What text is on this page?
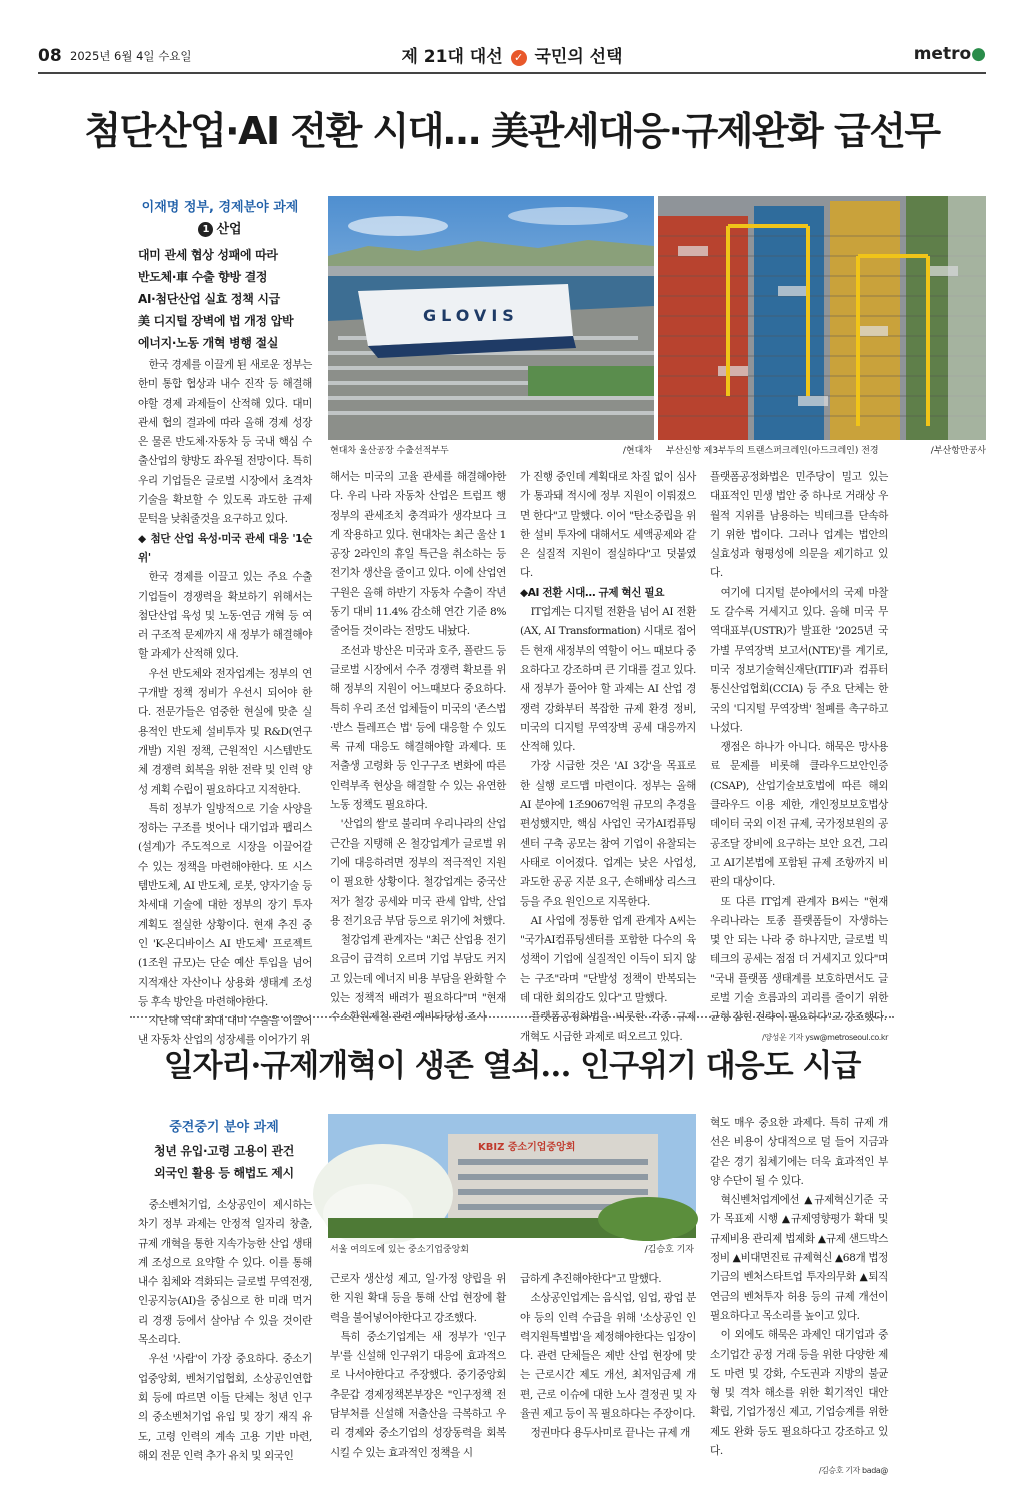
08 2025년 6월 4일 수요일	제 21대 대선 ✓ 국민의 선택	metro●
첨단산업·AI 전환 시대… 美관세대응·규제완화 급선무
이재명 정부, 경제분야 과제
1 산업
대미 관세 협상 성패에 따라
반도체·車 수출 향방 결정
AI·첨단산업 실효 정책 시급
美 디지털 장벽에 법 개정 압박
에너지·노동 개혁 병행 절실
GLOVIS
현대차 울산공장 수출선적부두	/현대차 부산신항 제3부두의 트랜스퍼크레인(아드크레인) 전경	/부산항만공사

한국 경제를 이끌게 된 새로운 정부는 한미 통합 협상과 내수 진작 등 해결해야할 경제 과제들이 산적해 있다. 대미 관세 협의 결과에 따라 올해 경제 성장은 물론 반도체·자동차 등 국내 핵심 수출산업의 향방도 좌우될 전망이다. 특히 우리 기업들은 글로벌 시장에서 초격차 기술을 확보할 수 있도록 과도한 규제 문턱을 낮춰줄것을 요구하고 있다.

◆ 첨단 산업 육성·미국 관세 대응 '1순위'

한국 경제를 이끌고 있는 주요 수출 기업들이 경쟁력을 확보하기 위해서는 첨단산업 육성 및 노동·연금 개혁 등 여러 구조적 문제까지 새 정부가 해결해야할 과제가 산적해 있다.

우선 반도체와 전자업계는 정부의 연구개발 정책 정비가 우선시 되어야 한다. 전문가들은 엄중한 현실에 맞춘 실용적인 반도체 설비투자 및 R&D(연구개발) 지원 정책, 근원적인 시스템반도체 경쟁력 회복을 위한 전략 및 인력 양성 계획 수립이 필요하다고 지적한다.

특히 정부가 일방적으로 기술 사양을 정하는 구조를 벗어나 대기업과 팹리스(설계)가 주도적으로 시장을 이끌어갈 수 있는 정책을 마련해야한다. 또 시스템반도체, AI 반도체, 로봇, 양자기술 등 차세대 기술에 대한 정부의 장기 투자 계획도 절실한 상황이다. 현재 추진 중인 'K-온디바이스 AI 반도체' 프로젝트(1조원 규모)는 단순 예산 투입을 넘어 지적재산 자산이나 상용화 생태계 조성 등 후속 방안을 마련해야한다.

지난해 역대 최대 대미 수출을 이끌어낸 자동차 산업의 성장세를 이어가기 위

해서는 미국의 고율 관세를 해결해야한다. 우리 나라 자동차 산업은 트럼프 행정부의 관세조치 충격파가 생각보다 크게 작용하고 있다. 현대차는 최근 울산 1공장 2라인의 휴일 특근을 취소하는 등 전기차 생산을 줄이고 있다. 이에 산업연구원은 올해 하반기 자동차 수출이 작년 동기 대비 11.4% 감소해 연간 기준 8% 줄어들 것이라는 전망도 내놨다.

조선과 방산은 미국과 호주, 폴란드 등 글로벌 시장에서 수주 경쟁력 확보를 위해 정부의 지원이 어느때보다 중요하다. 특히 우리 조선 업체들이 미국의 '존스법·반스 틀레프슨 법' 등에 대응할 수 있도록 규제 대응도 해결해야할 과제다. 또 저출생 고령화 등 인구구조 변화에 따른 인력부족 현상을 해결할 수 있는 유연한 노동 정책도 필요하다.

'산업의 쌀'로 불리며 우리나라의 산업 근간을 지탱해 온 철강업계가 글로벌 위기에 대응하려면 정부의 적극적인 지원이 필요한 상황이다. 철강업계는 중국산 저가 철강 공세와 미국 관세 압박, 산업용 전기요금 부담 등으로 위기에 처했다.

철강업계 관계자는 "최근 산업용 전기요금이 급격히 오르며 기업 부담도 커지고 있는데 에너지 비용 부담을 완화할 수 있는 정책적 배려가 필요하다"며 "현재 수소환원제철 관련 예비타당성 조사

가 진행 중인데 계획대로 차질 없이 심사가 통과돼 적시에 정부 지원이 이뤄졌으면 한다"고 말했다. 이어 "탄소중립을 위한 설비 투자에 대해서도 세액공제와 같은 실질적 지원이 절실하다"고 덧붙였다.

◆AI 전환 시대… 규제 혁신 필요

IT업계는 디지털 전환을 넘어 AI 전환(AX, AI Transformation) 시대로 접어든 현재 새정부의 역할이 어느 때보다 중요하다고 강조하며 큰 기대를 걸고 있다. 새 정부가 풀어야 할 과제는 AI 산업 경쟁력 강화부터 복잡한 규제 환경 정비, 미국의 디지털 무역장벽 공세 대응까지 산적해 있다.

가장 시급한 것은 'AI 3강'을 목표로 한 실행 로드맵 마련이다. 정부는 올해 AI 분야에 1조9067억원 규모의 추경을 편성했지만, 핵심 사업인 국가AI컴퓨팅센터 구축 공모는 참여 기업이 유찰되는 사태로 이어졌다. 업계는 낮은 사업성, 과도한 공공 지분 요구, 손해배상 리스크 등을 주요 원인으로 지목한다.

AI 사업에 정통한 업계 관계자 A씨는 "국가AI컴퓨팅센터를 포함한 다수의 육성책이 기업에 실질적인 이득이 되지 않는 구조"라며 "단발성 정책이 반복되는 데 대한 회의감도 있다"고 말했다.

플랫폼공정화법을 비롯한 각종 규제 개혁도 시급한 과제로 떠오르고 있다.

플랫폼공정화법은 민주당이 밀고 있는 대표적인 민생 법안 중 하나로 거래상 우월적 지위를 남용하는 빅테크를 단속하기 위한 법이다. 그러나 업계는 법안의 실효성과 형평성에 의문을 제기하고 있다.

여기에 디지털 분야에서의 국제 마찰도 갈수록 거세지고 있다. 올해 미국 무역대표부(USTR)가 발표한 '2025년 국가별 무역장벽 보고서(NTE)'를 계기로, 미국 정보기술혁신재단(ITIF)과 컴퓨터통신산업협회(CCIA) 등 주요 단체는 한국의 '디지털 무역장벽' 철폐를 촉구하고 나섰다.

쟁점은 하나가 아니다. 해묵은 망사용료 문제를 비롯해 클라우드보안인증(CSAP), 산업기술보호법에 따른 해외 클라우드 이용 제한, 개인정보보호법상 데이터 국외 이전 규제, 국가정보원의 공공조달 장비에 요구하는 보안 요건, 그리고 AI기본법에 포함된 규제 조항까지 비판의 대상이다.

또 다른 IT업계 관계자 B씨는 "현재 우리나라는 토종 플랫폼들이 자생하는 몇 안 되는 나라 중 하나지만, 글로벌 빅테크의 공세는 점점 더 거세지고 있다"며 "국내 플랫폼 생태계를 보호하면서도 글로벌 기술 흐름과의 괴리를 줄이기 위한 균형 잡힌 전략이 필요하다"고 강조했다.

/양성운 기자 ysw@metroseoul.co.kr

일자리·규제개혁이 생존 열쇠… 인구위기 대응도 시급
중견중기 분야 과제
청년 유입·고령 고용이 관건
외국인 활용 등 해법도 제시
KBIZ 중소기업중앙회
서울 여의도에 있는 중소기업중앙회	/김승호 기자

중소벤처기업, 소상공인이 제시하는 차기 정부 과제는 안정적 일자리 창출, 규제 개혁을 통한 지속가능한 산업 생태계 조성으로 요약할 수 있다. 이를 통해 내수 침체와 격화되는 글로벌 무역전쟁, 인공지능(AI)을 중심으로 한 미래 먹거리 경쟁 등에서 살아남 수 있을 것이란 목소리다.

우선 '사람'이 가장 중요하다. 중소기업중앙회, 벤처기업협회, 소상공인연합회 등에 따르면 이들 단체는 청년 인구의 중소벤처기업 유입 및 장기 재직 유도, 고령 인력의 계속 고용 기반 마련, 해외 전문 인력 추가 유치 및 외국인

근로자 생산성 제고, 일·가정 양립을 위한 지원 확대 등을 통해 산업 현장에 활력을 불어넣어야한다고 강조했다.

특히 중소기업계는 새 정부가 '인구부'를 신설해 인구위기 대응에 효과적으로 나서야한다고 주장했다. 중기중앙회 추문갑 경제정책본부장은 "인구정책 전담부처를 신설해 저출산을 극복하고 우리 경제와 중소기업의 성장동력을 회복시킬 수 있는 효과적인 정책을 시

급하게 추진해야한다"고 말했다.

소상공인업계는 음식업, 임업, 광업 분야 등의 인력 수급을 위해 '소상공인 인력지원특별법'을 제정해야한다는 입장이다. 관련 단체들은 제반 산업 현장에 맞는 근로시간 제도 개선, 최저임금제 개편, 근로 이슈에 대한 노사 결정권 및 자율권 제고 등이 꼭 필요하다는 주장이다.

정권마다 용두사미로 끝나는 규제 개

혁도 매우 중요한 과제다. 특히 규제 개선은 비용이 상대적으로 덜 들어 지금과 같은 경기 침체기에는 더욱 효과적인 부양 수단이 될 수 있다.

혁신벤처업계에선 ▲규제혁신기준 국가 목표제 시행 ▲규제영향평가 확대 및 규제비용 관리제 법제화 ▲규제 샌드박스 정비 ▲비대면진료 규제혁신 ▲68개 법정기금의 벤처스타트업 투자의무화 ▲퇴직연금의 벤처투자 허용 등의 규제 개선이 필요하다고 목소리를 높이고 있다.

이 외에도 해묵은 과제인 대기업과 중소기업간 공정 거래 등을 위한 다양한 제도 마련 및 강화, 수도권과 지방의 불균형 및 격차 해소를 위한 획기적인 대안 확립, 기업가정신 제고, 기업승계를 위한 제도 완화 등도 필요하다고 강조하고 있다.

/김승호 기자 bada@
